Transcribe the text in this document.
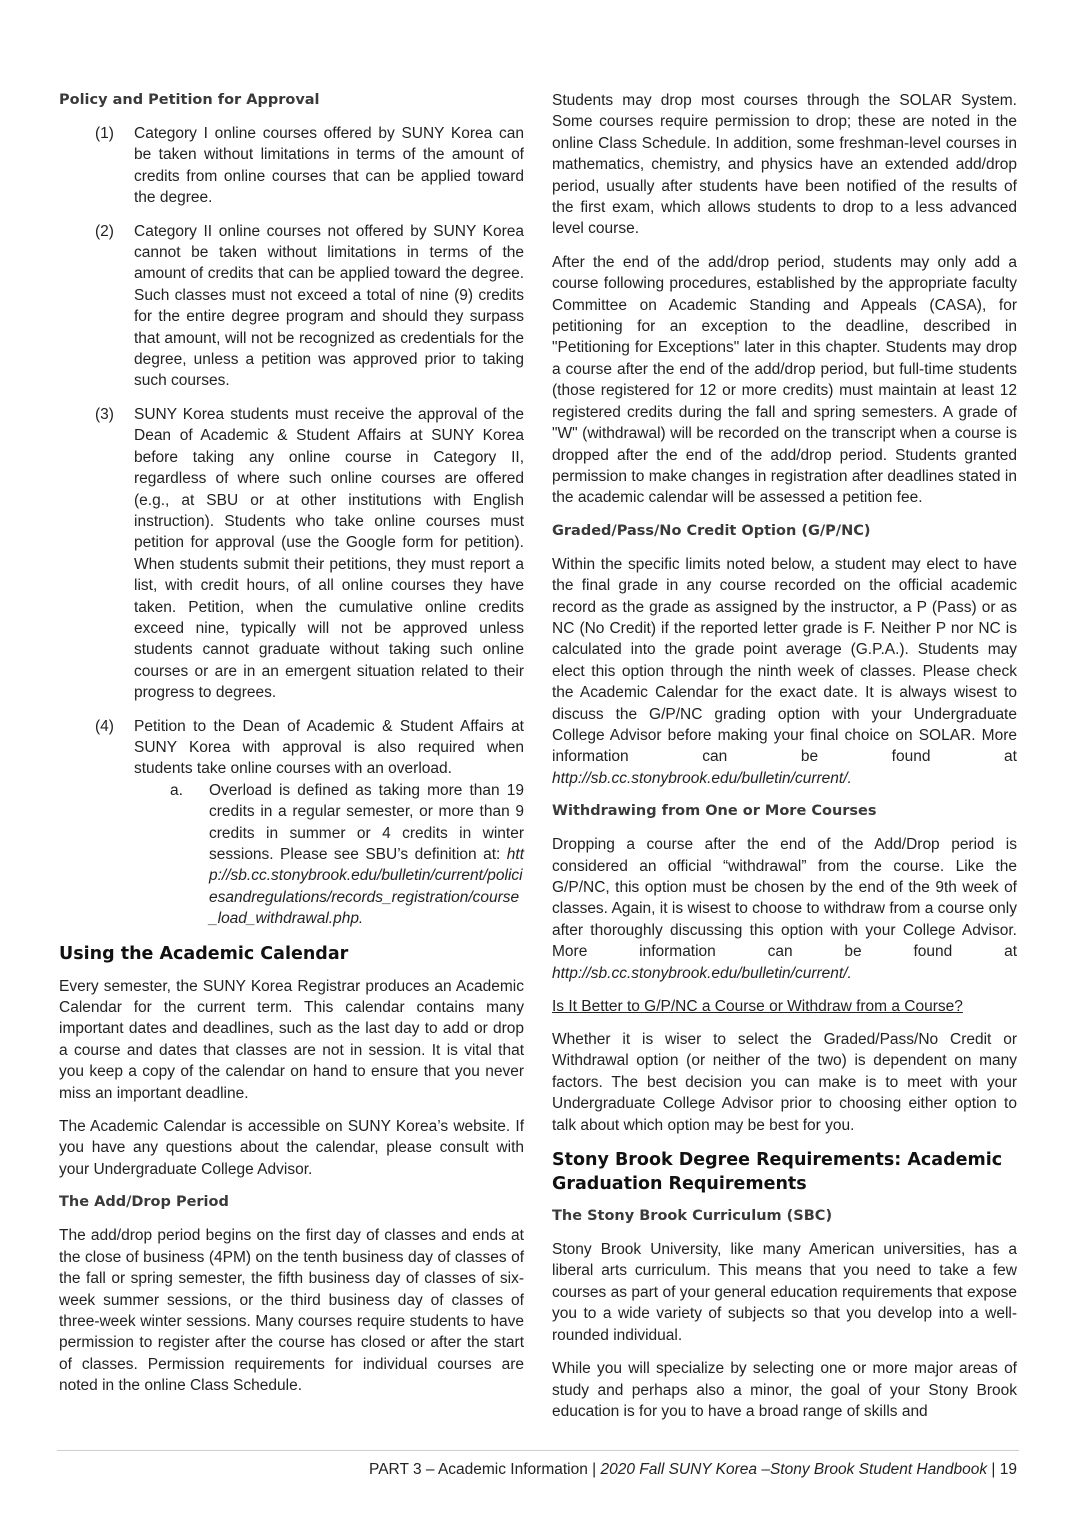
Policy and Petition for Approval
(1) Category I online courses offered by SUNY Korea can be taken without limitations in terms of the amount of credits from online courses that can be applied toward the degree.

(2) Category II online courses not offered by SUNY Korea cannot be taken without limitations in terms of the amount of credits that can be applied toward the degree. Such classes must not exceed a total of nine (9) credits for the entire degree program and should they surpass that amount, will not be recognized as credentials for the degree, unless a petition was approved prior to taking such courses.

(3) SUNY Korea students must receive the approval of the Dean of Academic & Student Affairs at SUNY Korea before taking any online course in Category II, regardless of where such online courses are offered (e.g., at SBU or at other institutions with English instruction). Students who take online courses must petition for approval (use the Google form for petition). When students submit their petitions, they must report a list, with credit hours, of all online courses they have taken. Petition, when the cumulative online credits exceed nine, typically will not be approved unless students cannot graduate without taking such online courses or are in an emergent situation related to their progress to degrees.

(4) Petition to the Dean of Academic & Student Affairs at SUNY Korea with approval is also required when students take online courses with an overload.

a. Overload is defined as taking more than 19 credits in a regular semester, or more than 9 credits in summer or 4 credits in winter sessions. Please see SBU’s definition at: http://sb.cc.stonybrook.edu/bulletin/current/policiesandregulations/records_registration/course_load_withdrawal.php.

Using the Academic Calendar

Every semester, the SUNY Korea Registrar produces an Academic Calendar for the current term. This calendar contains many important dates and deadlines, such as the last day to add or drop a course and dates that classes are not in session. It is vital that you keep a copy of the calendar on hand to ensure that you never miss an important deadline.

The Academic Calendar is accessible on SUNY Korea’s website. If you have any questions about the calendar, please consult with your Undergraduate College Advisor.

The Add/Drop Period

The add/drop period begins on the first day of classes and ends at the close of business (4PM) on the tenth business day of classes of the fall or spring semester, the fifth business day of classes of six-week summer sessions, or the third business day of classes of three-week winter sessions. Many courses require students to have permission to register after the course has closed or after the start of classes. Permission requirements for individual courses are noted in the online Class Schedule.

Students may drop most courses through the SOLAR System. Some courses require permission to drop; these are noted in the online Class Schedule. In addition, some freshman-level courses in mathematics, chemistry, and physics have an extended add/drop period, usually after students have been notified of the results of the first exam, which allows students to drop to a less advanced level course.

After the end of the add/drop period, students may only add a course following procedures, established by the appropriate faculty Committee on Academic Standing and Appeals (CASA), for petitioning for an exception to the deadline, described in "Petitioning for Exceptions" later in this chapter. Students may drop a course after the end of the add/drop period, but full-time students (those registered for 12 or more credits) must maintain at least 12 registered credits during the fall and spring semesters. A grade of "W" (withdrawal) will be recorded on the transcript when a course is dropped after the end of the add/drop period. Students granted permission to make changes in registration after deadlines stated in the academic calendar will be assessed a petition fee.

Graded/Pass/No Credit Option (G/P/NC)

Within the specific limits noted below, a student may elect to have the final grade in any course recorded on the official academic record as the grade as assigned by the instructor, a P (Pass) or as NC (No Credit) if the reported letter grade is F. Neither P nor NC is calculated into the grade point average (G.P.A.). Students may elect this option through the ninth week of classes. Please check the Academic Calendar for the exact date. It is always wisest to discuss the G/P/NC grading option with your Undergraduate College Advisor before making your final choice on SOLAR. More information can be found at http://sb.cc.stonybrook.edu/bulletin/current/.

Withdrawing from One or More Courses

Dropping a course after the end of the Add/Drop period is considered an official “withdrawal” from the course. Like the G/P/NC, this option must be chosen by the end of the 9th week of classes. Again, it is wisest to choose to withdraw from a course only after thoroughly discussing this option with your College Advisor. More information can be found at http://sb.cc.stonybrook.edu/bulletin/current/.

Is It Better to G/P/NC a Course or Withdraw from a Course?

Whether it is wiser to select the Graded/Pass/No Credit or Withdrawal option (or neither of the two) is dependent on many factors. The best decision you can make is to meet with your Undergraduate College Advisor prior to choosing either option to talk about which option may be best for you.

Stony Brook Degree Requirements: Academic Graduation Requirements
The Stony Brook Curriculum (SBC)

Stony Brook University, like many American universities, has a liberal arts curriculum. This means that you need to take a few courses as part of your general education requirements that expose you to a wide variety of subjects so that you develop into a well-rounded individual.

While you will specialize by selecting one or more major areas of study and perhaps also a minor, the goal of your Stony Brook education is for you to have a broad range of skills and

PART 3 – Academic Information | 2020 Fall SUNY Korea –Stony Brook Student Handbook | 19
